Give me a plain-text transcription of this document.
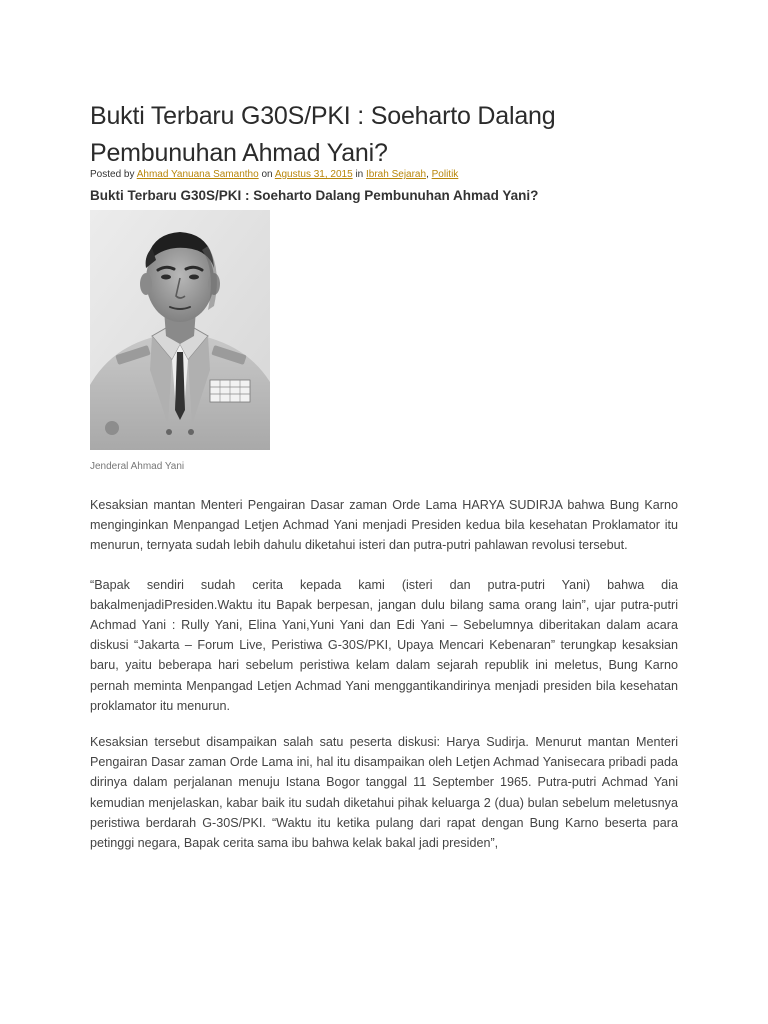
Bukti Terbaru G30S/PKI : Soeharto Dalang Pembunuhan Ahmad Yani?
Posted by Ahmad Yanuana Samantho on Agustus 31, 2015 in Ibrah Sejarah, Politik
Bukti Terbaru G30S/PKI : Soeharto Dalang Pembunuhan Ahmad Yani?
Jenderal Ahmad Yani

Kesaksian mantan Menteri Pengairan Dasar zaman Orde Lama HARYA SUDIRJA bahwa Bung Karno menginginkan Menpangad Letjen Achmad Yani menjadi Presiden kedua bila kesehatan Proklamator itu menurun, ternyata sudah lebih dahulu diketahui isteri dan putra-putri pahlawan revolusi tersebut.

“Bapak sendiri sudah cerita kepada kami (isteri dan putra-putri Yani) bahwa dia bakalmenjadiPresiden.Waktu itu Bapak berpesan, jangan dulu bilang sama orang lain”, ujar putra-putri Achmad Yani : Rully Yani, Elina Yani,Yuni Yani dan Edi Yani – Sebelumnya diberitakan dalam acara diskusi “Jakarta – Forum Live, Peristiwa G-30S/PKI, Upaya Mencari Kebenaran” terungkap kesaksian baru, yaitu beberapa hari sebelum peristiwa kelam dalam sejarah republik ini meletus, Bung Karno pernah meminta Menpangad Letjen Achmad Yani menggantikandirinya menjadi presiden bila kesehatan proklamator itu menurun.

Kesaksian tersebut disampaikan salah satu peserta diskusi: Harya Sudirja. Menurut mantan Menteri Pengairan Dasar zaman Orde Lama ini, hal itu disampaikan oleh Letjen Achmad Yanisecara pribadi pada dirinya dalam perjalanan menuju Istana Bogor tanggal 11 September 1965. Putra-putri Achmad Yani kemudian menjelaskan, kabar baik itu sudah diketahui pihak keluarga 2 (dua) bulan sebelum meletusnya peristiwa berdarah G-30S/PKI. “Waktu itu ketika pulang dari rapat dengan Bung Karno beserta para petinggi negara, Bapak cerita sama ibu bahwa kelak bakal jadi presiden”,
